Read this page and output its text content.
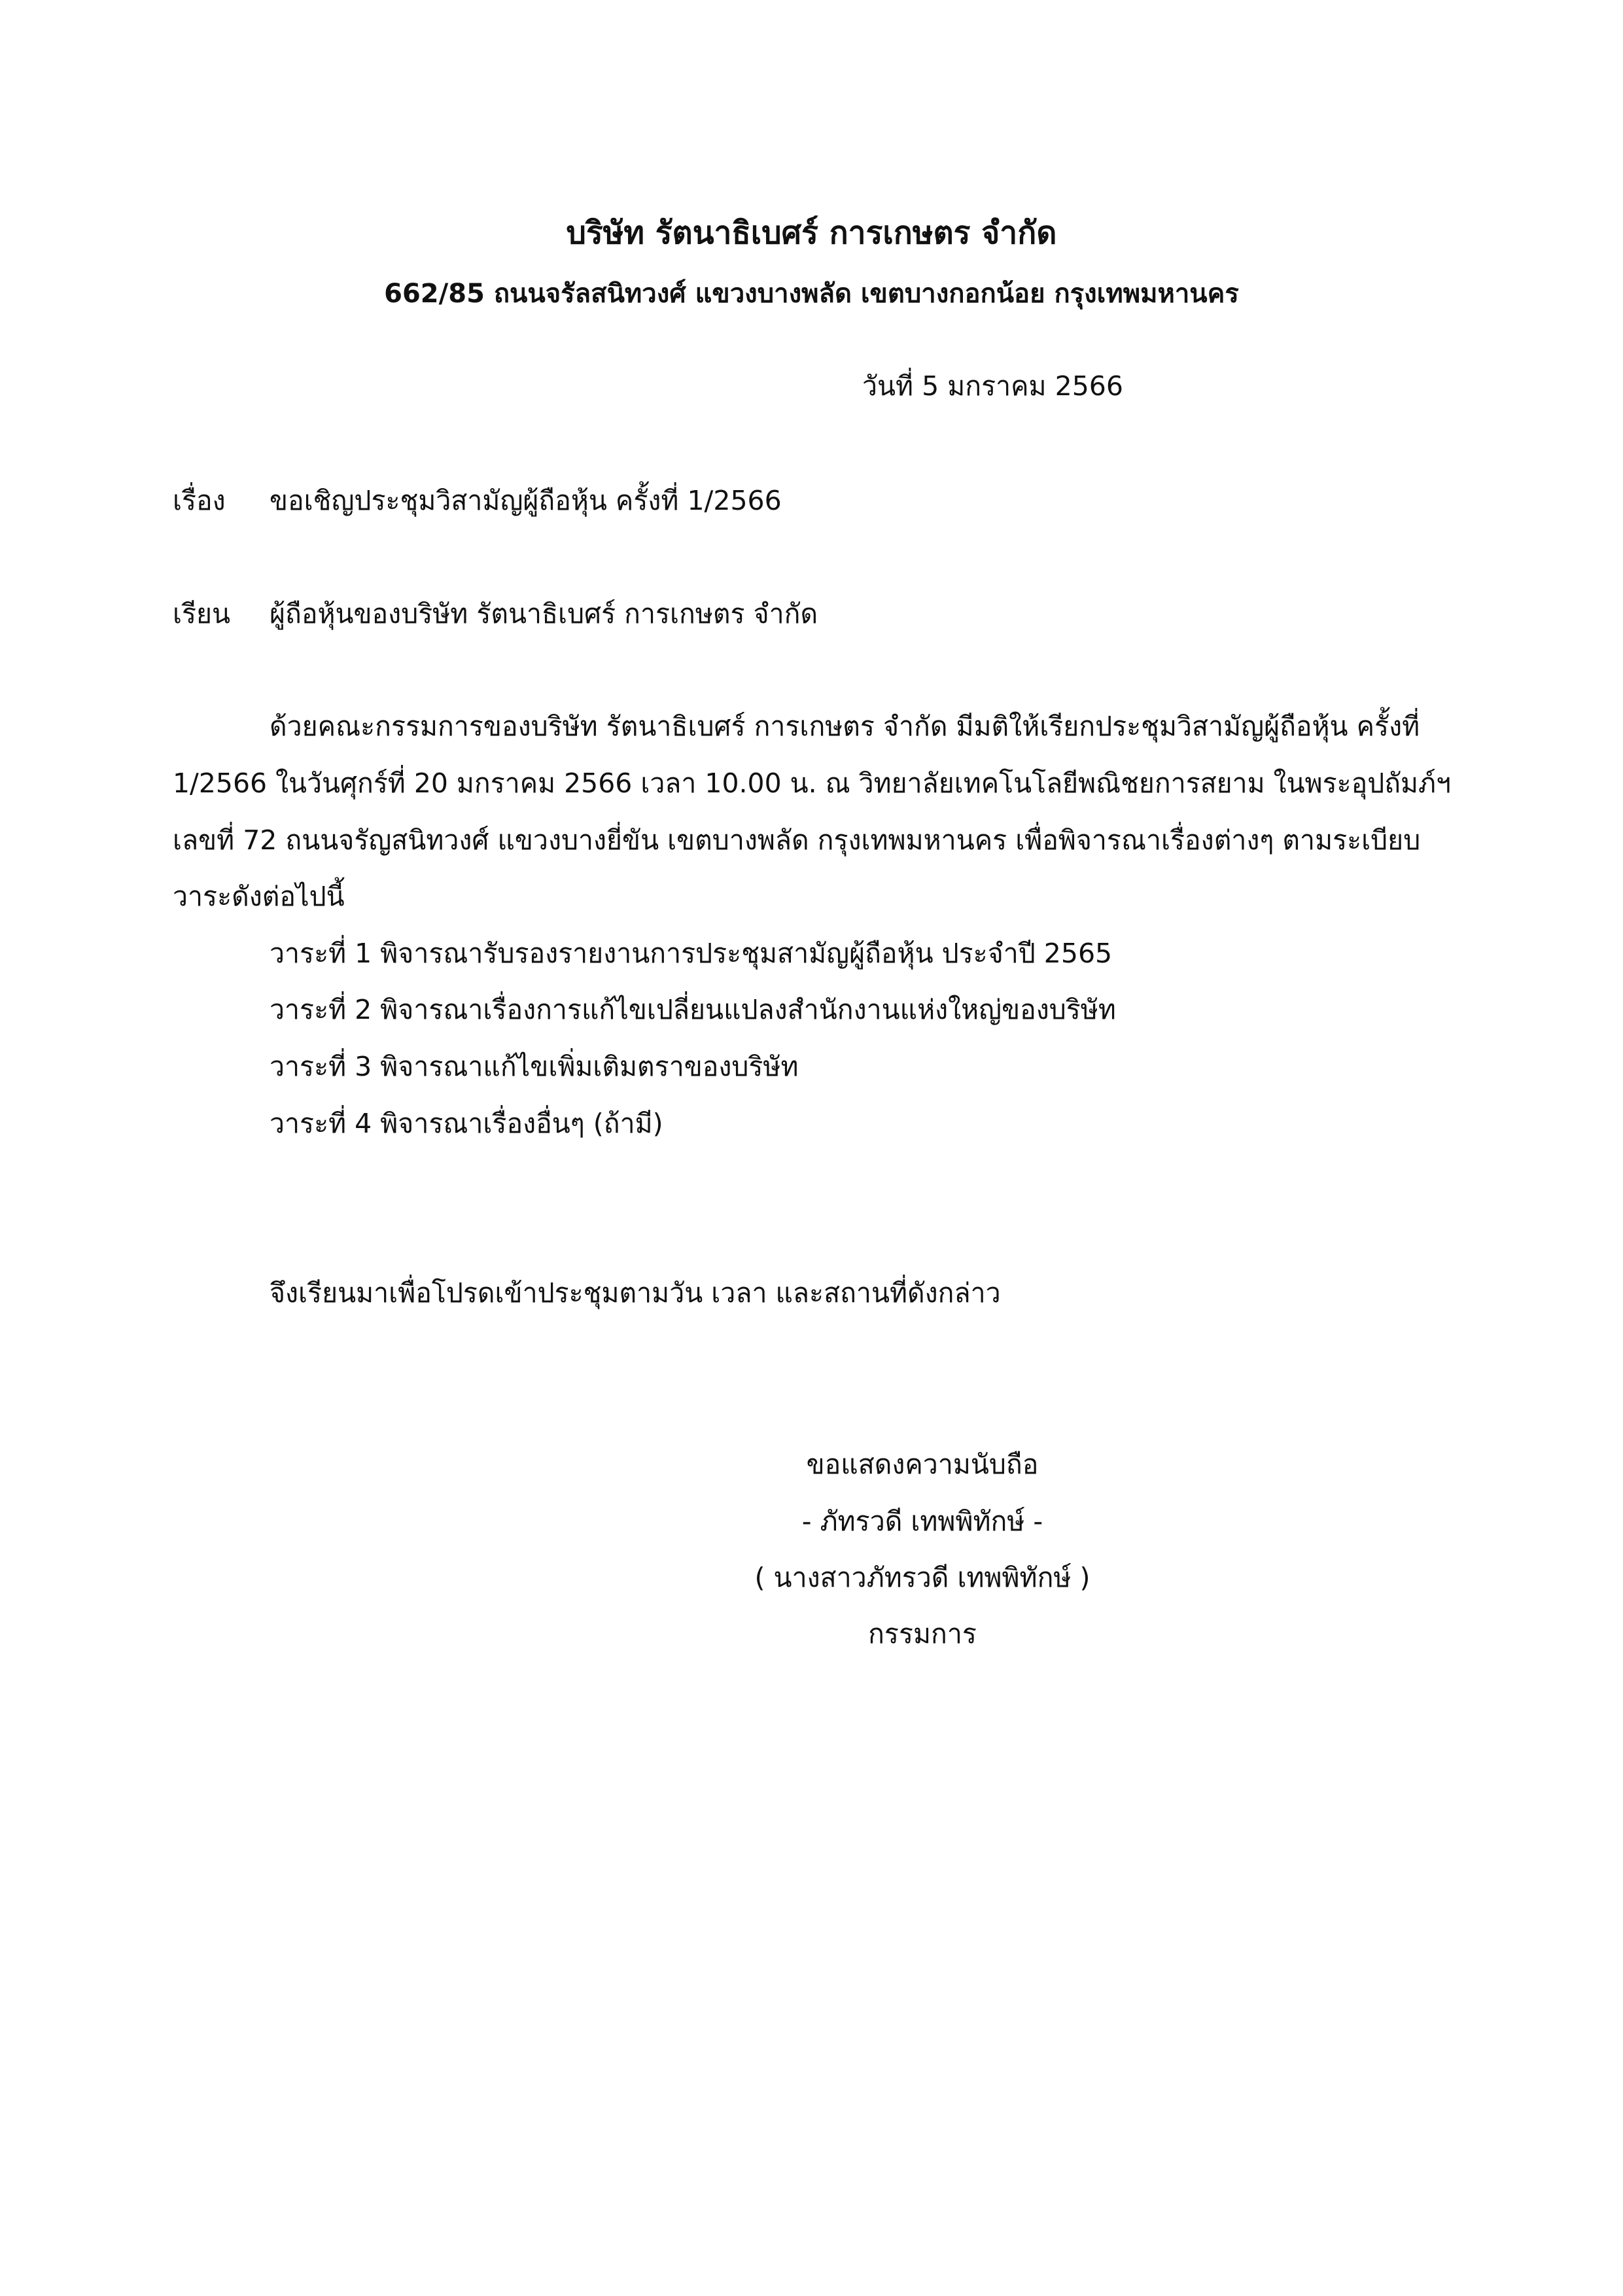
บริษัท รัตนาธิเบศร์ การเกษตร จำกัด
662/85 ถนนจรัลสนิทวงศ์ แขวงบางพลัด เขตบางกอกน้อย กรุงเทพมหานคร
วันที่ 5 มกราคม 2566
เรื่อง ขอเชิญประชุมวิสามัญผู้ถือหุ้น ครั้งที่ 1/2566
เรียน ผู้ถือหุ้นของบริษัท รัตนาธิเบศร์ การเกษตร จำกัด
ด้วยคณะกรรมการของบริษัท รัตนาธิเบศร์ การเกษตร จำกัด มีมติให้เรียกประชุมวิสามัญผู้ถือหุ้น ครั้งที่
1/2566 ในวันศุกร์ที่ 20 มกราคม 2566 เวลา 10.00 น. ณ วิทยาลัยเทคโนโลยีพณิชยการสยาม ในพระอุปถัมภ์ฯ
เลขที่ 72 ถนนจรัญสนิทวงศ์ แขวงบางยี่ขัน เขตบางพลัด กรุงเทพมหานคร เพื่อพิจารณาเรื่องต่างๆ ตามระเบียบ
วาระดังต่อไปนี้
วาระที่ 1 พิจารณารับรองรายงานการประชุมสามัญผู้ถือหุ้น ประจำปี 2565
วาระที่ 2 พิจารณาเรื่องการแก้ไขเปลี่ยนแปลงสำนักงานแห่งใหญ่ของบริษัท
วาระที่ 3 พิจารณาแก้ไขเพิ่มเติมตราของบริษัท
วาระที่ 4 พิจารณาเรื่องอื่นๆ (ถ้ามี)
จึงเรียนมาเพื่อโปรดเข้าประชุมตามวัน เวลา และสถานที่ดังกล่าว
ขอแสดงความนับถือ
- ภัทรวดี เทพพิทักษ์ -
( นางสาวภัทรวดี เทพพิทักษ์ )
กรรมการ
